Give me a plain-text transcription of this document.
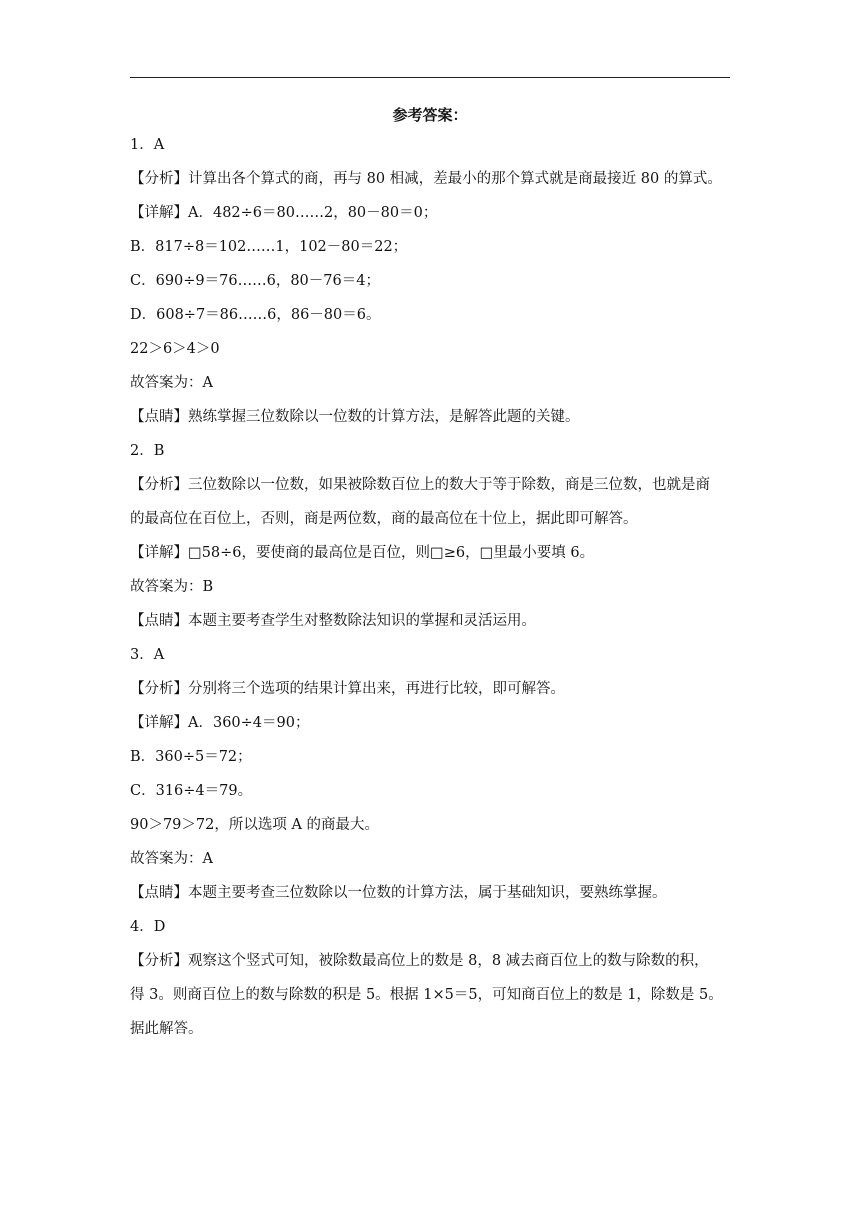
参考答案：
1．A
【分析】计算出各个算式的商，再与 80 相减，差最小的那个算式就是商最接近 80 的算式。
【详解】A．482÷6＝80……2，80－80＝0；
B．817÷8＝102……1，102－80＝22；
C．690÷9＝76……6，80－76＝4；
D．608÷7＝86……6，86－80＝6。
22＞6＞4＞0
故答案为：A
【点睛】熟练掌握三位数除以一位数的计算方法，是解答此题的关键。
2．B
【分析】三位数除以一位数，如果被除数百位上的数大于等于除数，商是三位数，也就是商
的最高位在百位上，否则，商是两位数，商的最高位在十位上，据此即可解答。
【详解】□58÷6，要使商的最高位是百位，则□≥6，□里最小要填 6。
故答案为：B
【点睛】本题主要考查学生对整数除法知识的掌握和灵活运用。
3．A
【分析】分别将三个选项的结果计算出来，再进行比较，即可解答。
【详解】A．360÷4＝90；
B．360÷5＝72；
C．316÷4＝79。
90＞79＞72，所以选项 A 的商最大。
故答案为：A
【点睛】本题主要考查三位数除以一位数的计算方法，属于基础知识，要熟练掌握。
4．D
【分析】观察这个竖式可知，被除数最高位上的数是 8，8 减去商百位上的数与除数的积，
得 3。则商百位上的数与除数的积是 5。根据 1×5＝5，可知商百位上的数是 1，除数是 5。
据此解答。
